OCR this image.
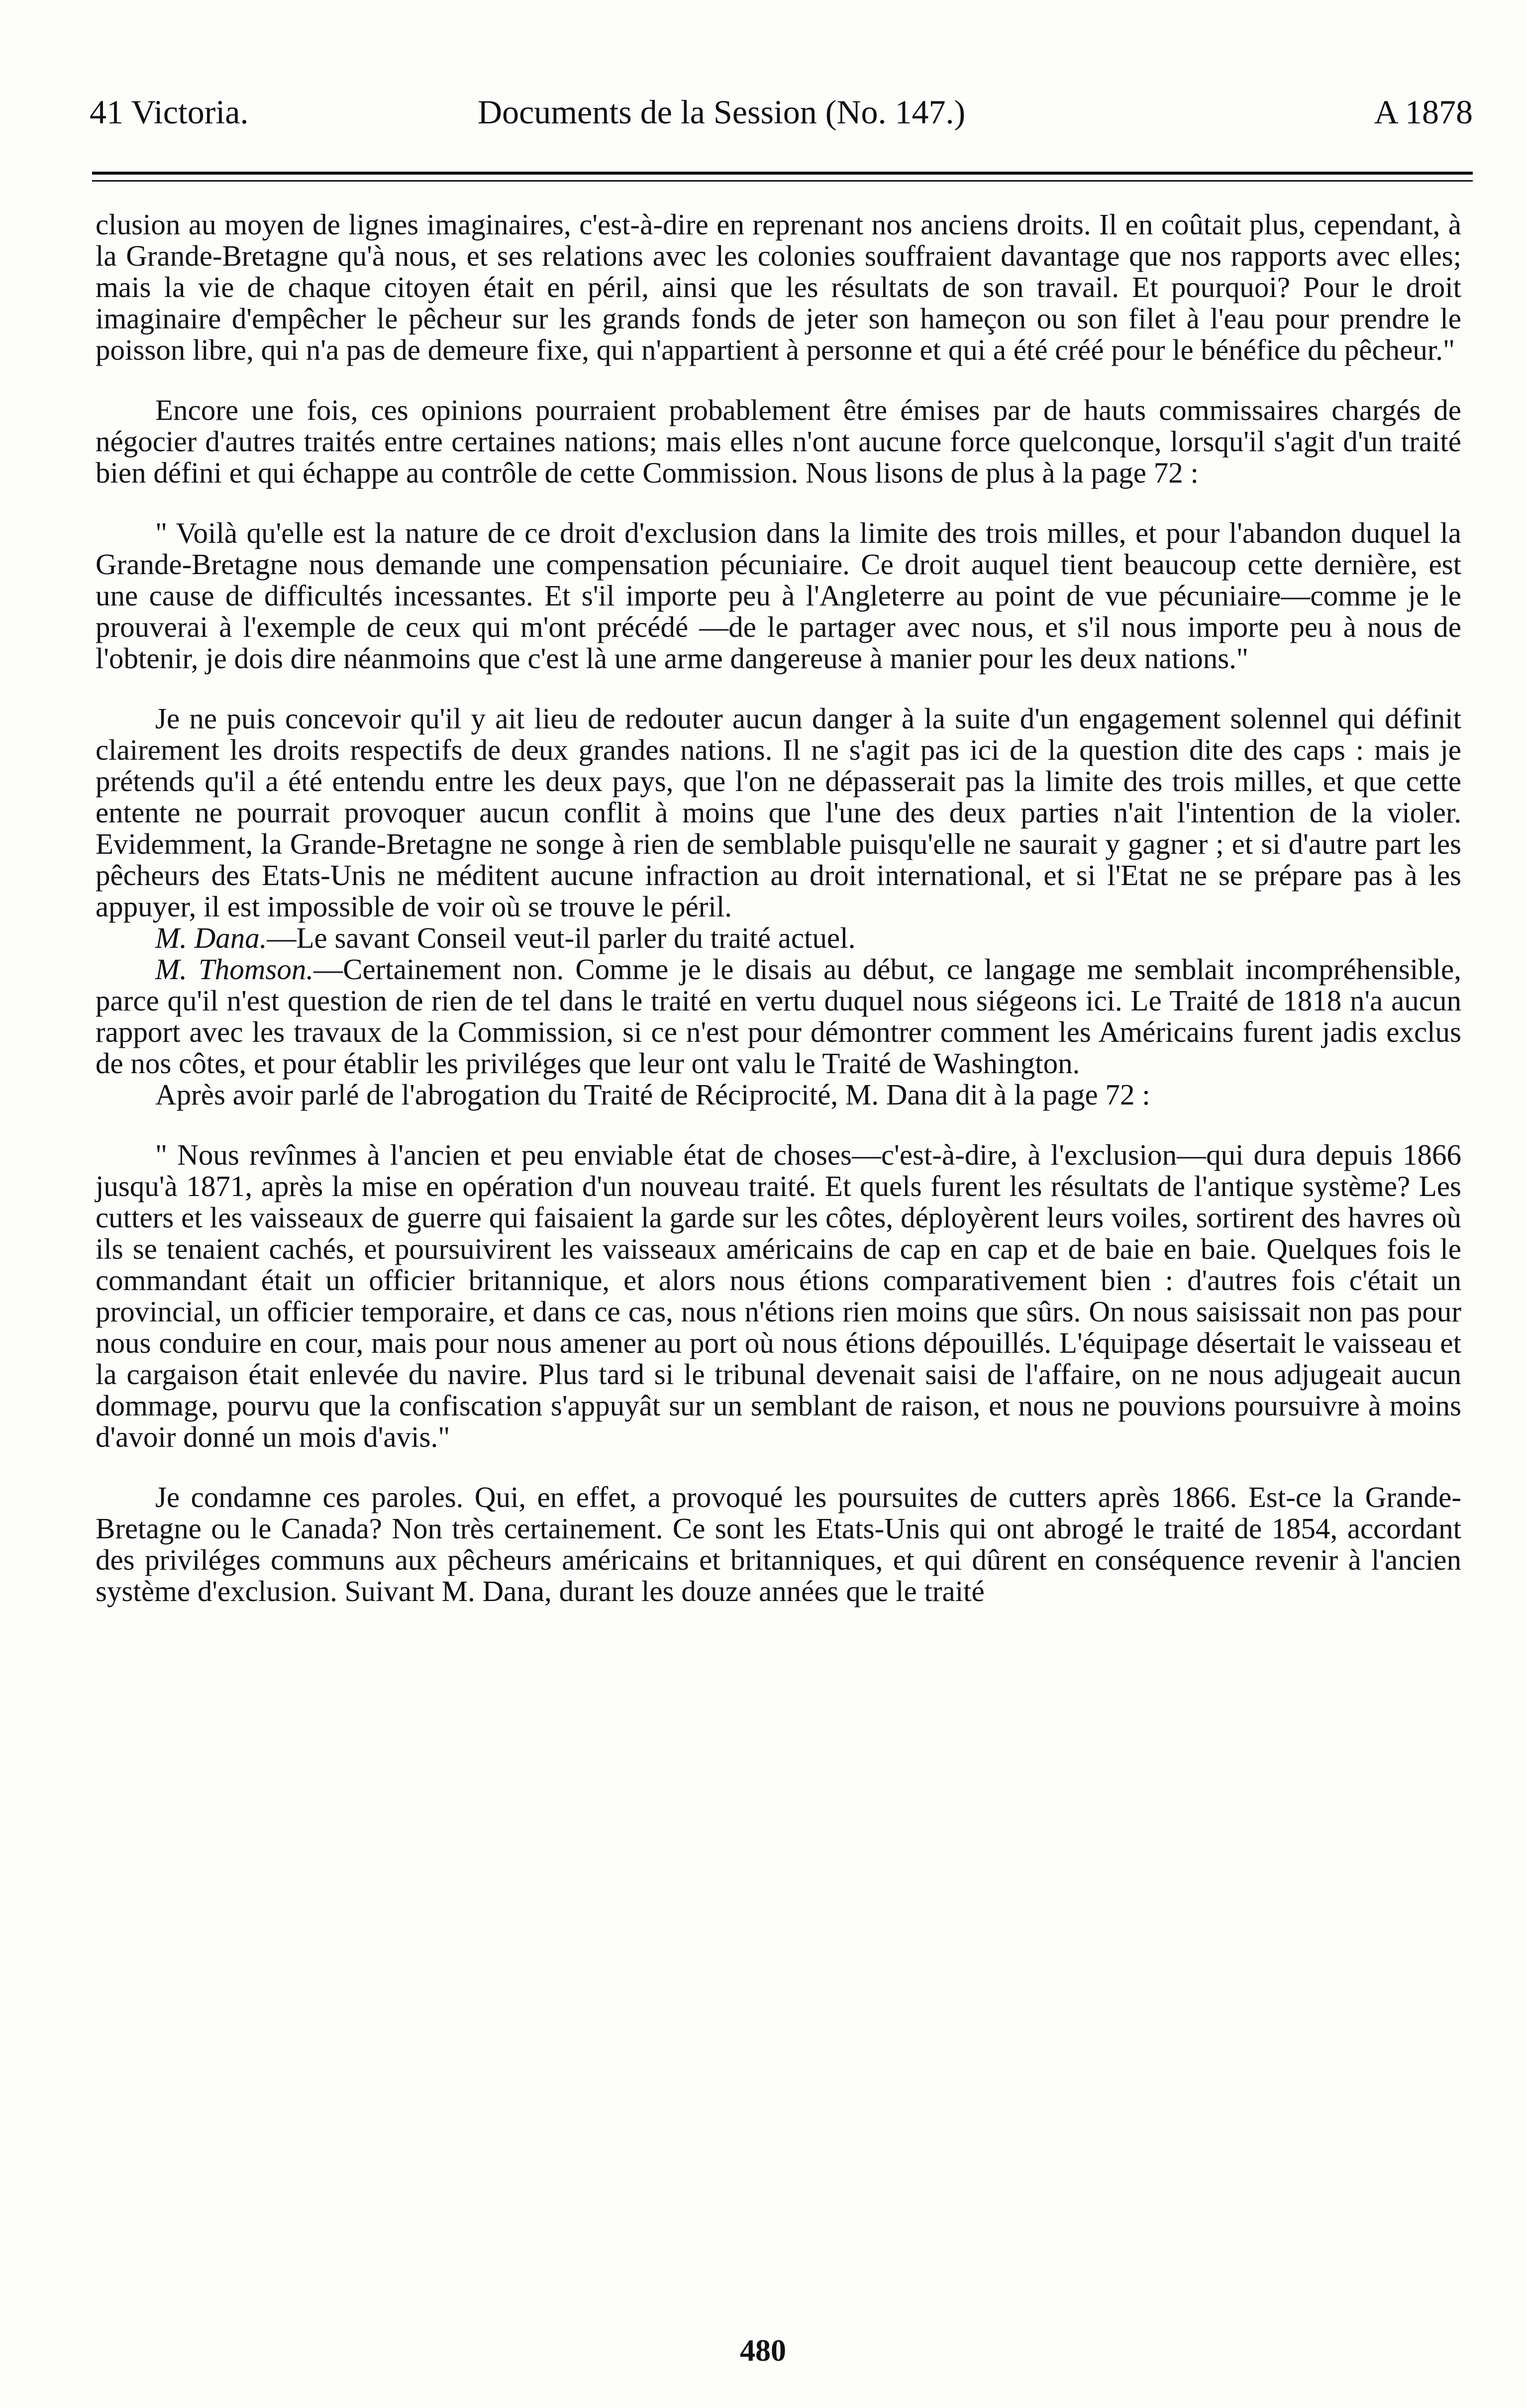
41 Victoria.	Documents de la Session (No. 147.)	A 1878

clusion au moyen de lignes imaginaires, c'est-à-dire en reprenant nos anciens droits. Il en coûtait plus, cependant, à la Grande-Bretagne qu'à nous, et ses relations avec les colonies souffraient davantage que nos rapports avec elles; mais la vie de chaque citoyen était en péril, ainsi que les résultats de son travail. Et pourquoi? Pour le droit imaginaire d'empêcher le pêcheur sur les grands fonds de jeter son hameçon ou son filet à l'eau pour prendre le poisson libre, qui n'a pas de demeure fixe, qui n'appartient à personne et qui a été créé pour le bénéfice du pêcheur."

Encore une fois, ces opinions pourraient probablement être émises par de hauts commissaires chargés de négocier d'autres traités entre certaines nations; mais elles n'ont aucune force quelconque, lorsqu'il s'agit d'un traité bien défini et qui échappe au contrôle de cette Commission. Nous lisons de plus à la page 72 :

" Voilà qu'elle est la nature de ce droit d'exclusion dans la limite des trois milles, et pour l'abandon duquel la Grande-Bretagne nous demande une compensation pécuniaire. Ce droit auquel tient beaucoup cette dernière, est une cause de difficultés incessantes. Et s'il importe peu à l'Angleterre au point de vue pécuniaire—comme je le prouverai à l'exemple de ceux qui m'ont précédé —de le partager avec nous, et s'il nous importe peu à nous de l'obtenir, je dois dire néanmoins que c'est là une arme dangereuse à manier pour les deux nations."

Je ne puis concevoir qu'il y ait lieu de redouter aucun danger à la suite d'un engagement solennel qui définit clairement les droits respectifs de deux grandes nations. Il ne s'agit pas ici de la question dite des caps : mais je prétends qu'il a été entendu entre les deux pays, que l'on ne dépasserait pas la limite des trois milles, et que cette entente ne pourrait provoquer aucun conflit à moins que l'une des deux parties n'ait l'intention de la violer. Evidemment, la Grande-Bretagne ne songe à rien de semblable puisqu'elle ne saurait y gagner ; et si d'autre part les pêcheurs des Etats-Unis ne méditent aucune infraction au droit international, et si l'Etat ne se prépare pas à les appuyer, il est impossible de voir où se trouve le péril.

M. Dana.—Le savant Conseil veut-il parler du traité actuel.

M. Thomson.—Certainement non. Comme je le disais au début, ce langage me semblait incompréhensible, parce qu'il n'est question de rien de tel dans le traité en vertu duquel nous siégeons ici. Le Traité de 1818 n'a aucun rapport avec les travaux de la Commission, si ce n'est pour démontrer comment les Américains furent jadis exclus de nos côtes, et pour établir les priviléges que leur ont valu le Traité de Washington.

Après avoir parlé de l'abrogation du Traité de Réciprocité, M. Dana dit à la page 72 :

" Nous revînmes à l'ancien et peu enviable état de choses—c'est-à-dire, à l'exclusion—qui dura depuis 1866 jusqu'à 1871, après la mise en opération d'un nouveau traité. Et quels furent les résultats de l'antique système? Les cutters et les vaisseaux de guerre qui faisaient la garde sur les côtes, déployèrent leurs voiles, sortirent des havres où ils se tenaient cachés, et poursuivirent les vaisseaux américains de cap en cap et de baie en baie. Quelques fois le commandant était un officier britannique, et alors nous étions comparativement bien : d'autres fois c'était un provincial, un officier temporaire, et dans ce cas, nous n'étions rien moins que sûrs. On nous saisissait non pas pour nous conduire en cour, mais pour nous amener au port où nous étions dépouillés. L'équipage désertait le vaisseau et la cargaison était enlevée du navire. Plus tard si le tribunal devenait saisi de l'affaire, on ne nous adjugeait aucun dommage, pourvu que la confiscation s'appuyât sur un semblant de raison, et nous ne pouvions poursuivre à moins d'avoir donné un mois d'avis."

Je condamne ces paroles. Qui, en effet, a provoqué les poursuites de cutters après 1866. Est-ce la Grande-Bretagne ou le Canada? Non très certainement. Ce sont les Etats-Unis qui ont abrogé le traité de 1854, accordant des priviléges communs aux pêcheurs américains et britanniques, et qui dûrent en conséquence revenir à l'ancien système d'exclusion. Suivant M. Dana, durant les douze années que le traité

480
